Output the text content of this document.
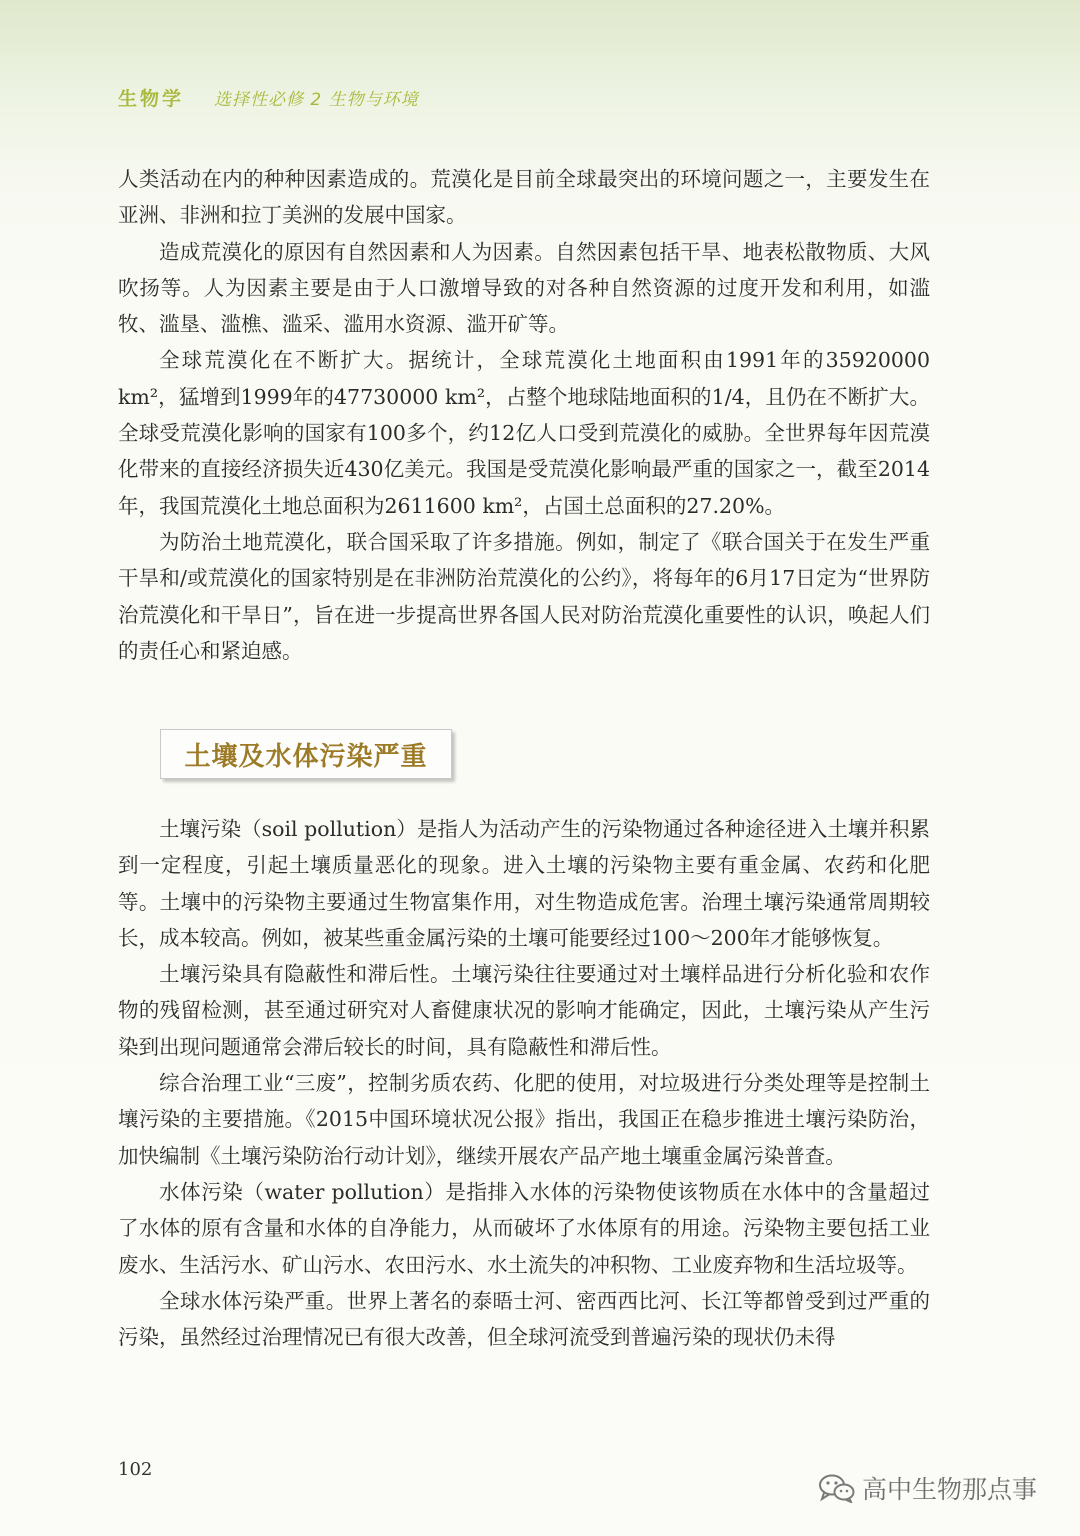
生物学 选择性必修 2 生物与环境

人类活动在内的种种因素造成的。荒漠化是目前全球最突出的环境问题之一，主要发生在亚洲、非洲和拉丁美洲的发展中国家。

造成荒漠化的原因有自然因素和人为因素。自然因素包括干旱、地表松散物质、大风吹扬等。人为因素主要是由于人口激增导致的对各种自然资源的过度开发和利用，如滥牧、滥垦、滥樵、滥采、滥用水资源、滥开矿等。

全球荒漠化在不断扩大。据统计，全球荒漠化土地面积由1991年的35920000 km²，猛增到1999年的47730000 km²，占整个地球陆地面积的1/4，且仍在不断扩大。全球受荒漠化影响的国家有100多个，约12亿人口受到荒漠化的威胁。全世界每年因荒漠化带来的直接经济损失近430亿美元。我国是受荒漠化影响最严重的国家之一，截至2014年，我国荒漠化土地总面积为2611600 km²，占国土总面积的27.20%。

为防治土地荒漠化，联合国采取了许多措施。例如，制定了《联合国关于在发生严重干旱和/或荒漠化的国家特别是在非洲防治荒漠化的公约》，将每年的6月17日定为“世界防治荒漠化和干旱日”，旨在进一步提高世界各国人民对防治荒漠化重要性的认识，唤起人们的责任心和紧迫感。

土壤及水体污染严重

土壤污染（soil pollution）是指人为活动产生的污染物通过各种途径进入土壤并积累到一定程度，引起土壤质量恶化的现象。进入土壤的污染物主要有重金属、农药和化肥等。土壤中的污染物主要通过生物富集作用，对生物造成危害。治理土壤污染通常周期较长，成本较高。例如，被某些重金属污染的土壤可能要经过100～200年才能够恢复。

土壤污染具有隐蔽性和滞后性。土壤污染往往要通过对土壤样品进行分析化验和农作物的残留检测，甚至通过研究对人畜健康状况的影响才能确定，因此，土壤污染从产生污染到出现问题通常会滞后较长的时间，具有隐蔽性和滞后性。

综合治理工业“三废”，控制劣质农药、化肥的使用，对垃圾进行分类处理等是控制土壤污染的主要措施。《2015中国环境状况公报》指出，我国正在稳步推进土壤污染防治，加快编制《土壤污染防治行动计划》，继续开展农产品产地土壤重金属污染普查。

水体污染（water pollution）是指排入水体的污染物使该物质在水体中的含量超过了水体的原有含量和水体的自净能力，从而破坏了水体原有的用途。污染物主要包括工业废水、生活污水、矿山污水、农田污水、水土流失的冲积物、工业废弃物和生活垃圾等。

全球水体污染严重。世界上著名的泰晤士河、密西西比河、长江等都曾受到过严重的污染，虽然经过治理情况已有很大改善，但全球河流受到普遍污染的现状仍未得

102
高中生物那点事
